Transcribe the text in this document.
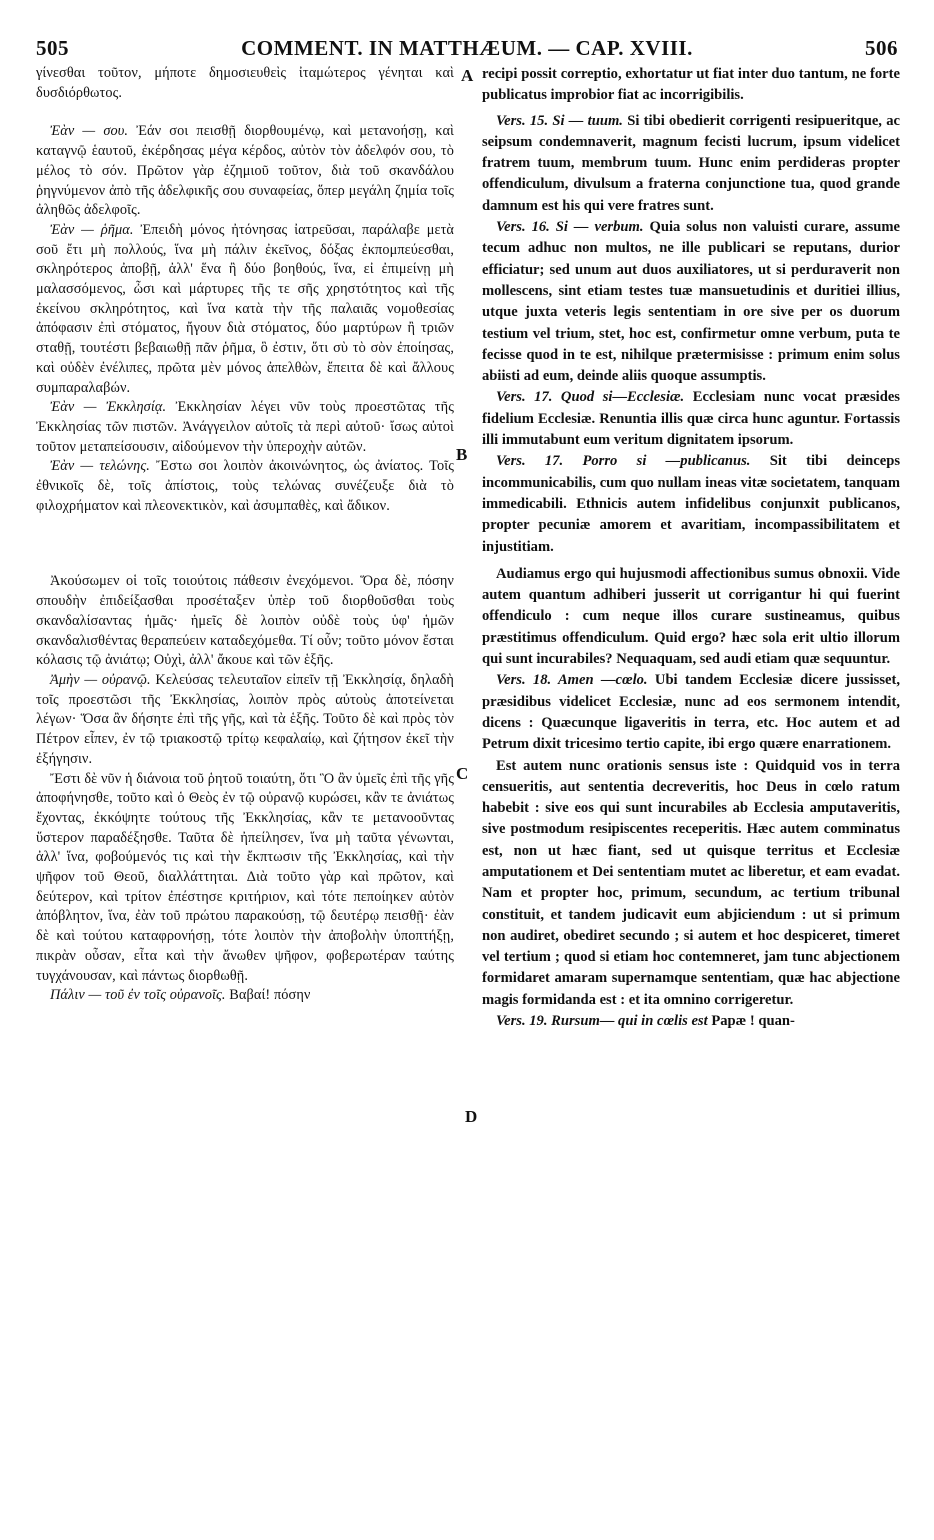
505	COMMENT. IN MATTHÆUM. — CAP. XVIII.	506
A
B
C
D

γίνεσθαι τοῦτον, μήποτε δημοσιευθεὶς ἰταμώτερος γένηται καὶ δυσδιόρθωτος.

Ἐὰν — σου. Ἐάν σοι πεισθῇ διορθουμένῳ, καὶ μετανοήσῃ, καὶ καταγνῷ ἑαυτοῦ, ἐκέρδησας μέγα κέρδος, αὐτὸν τὸν ἀδελφόν σου, τὸ μέλος τὸ σόν. Πρῶτον γὰρ ἐζημιοῦ τοῦτον, διὰ τοῦ σκανδάλου ῥηγνύμενον ἀπὸ τῆς ἀδελφικῆς σου συναφείας, ὅπερ μεγάλη ζημία τοῖς ἀληθῶς ἀδελφοῖς.

Ἐὰν — ῥῆμα. Ἐπειδὴ μόνος ἠτόνησας ἰατρεῦσαι, παράλαβε μετὰ σοῦ ἔτι μὴ πολλούς, ἵνα μὴ πάλιν ἐκεῖνος, δόξας ἐκπομπεύεσθαι, σκληρότερος ἀποβῇ, ἀλλ' ἕνα ἢ δύο βοηθούς, ἵνα, εἰ ἐπιμείνῃ μὴ μαλασσόμενος, ὦσι καὶ μάρτυρες τῆς τε σῆς χρηστότητος καὶ τῆς ἐκείνου σκληρότητος, καὶ ἵνα κατὰ τὴν τῆς παλαιᾶς νομοθεσίας ἀπόφασιν ἐπὶ στόματος, ἤγουν διὰ στόματος, δύο μαρτύρων ἢ τριῶν σταθῇ, τουτέστι βεβαιωθῇ πᾶν ῥῆμα, ὃ ἐστιν, ὅτι σὺ τὸ σὸν ἐποίησας, καὶ οὐδὲν ἐνέλιπες, πρῶτα μὲν μόνος ἀπελθὼν, ἔπειτα δὲ καὶ ἄλλους συμπαραλαβών.

Ἐὰν — Ἐκκλησίᾳ. Ἐκκλησίαν λέγει νῦν τοὺς προεστῶτας τῆς Ἐκκλησίας τῶν πιστῶν. Ἀνάγγειλον αὐτοῖς τὰ περὶ αὐτοῦ· ἴσως αὐτοὶ τοῦτον μεταπείσουσιν, αἰδούμενον τὴν ὑπεροχὴν αὐτῶν.

Ἐὰν — τελώνης. Ἔστω σοι λοιπὸν ἀκοινώνητος, ὡς ἀνίατος. Τοῖς ἐθνικοῖς δὲ, τοῖς ἀπίστοις, τοὺς τελώνας συνέζευξε διὰ τὸ φιλοχρήματον καὶ πλεονεκτικὸν, καὶ ἀσυμπαθὲς, καὶ ἄδικον.

Ἀκούσωμεν οἱ τοῖς τοιούτοις πάθεσιν ἐνεχόμενοι. Ὅρα δὲ, πόσην σπουδὴν ἐπιδείξασθαι προσέταξεν ὑπὲρ τοῦ διορθοῦσθαι τοὺς σκανδαλίσαντας ἡμᾶς· ἡμεῖς δὲ λοιπὸν οὐδὲ τοὺς ὑφ' ἡμῶν σκανδαλισθέντας θεραπεύειν καταδεχόμεθα. Τί οὖν; τοῦτο μόνον ἔσται κόλασις τῷ ἀνιάτῳ; Οὐχὶ, ἀλλ' ἄκουε καὶ τῶν ἑξῆς.

Ἀμὴν — οὐρανῷ. Κελεύσας τελευταῖον εἰπεῖν τῇ Ἐκκλησίᾳ, δηλαδὴ τοῖς προεστῶσι τῆς Ἐκκλησίας, λοιπὸν πρὸς αὐτοὺς ἀποτείνεται λέγων· Ὅσα ἂν δήσητε ἐπὶ τῆς γῆς, καὶ τὰ ἑξῆς. Τοῦτο δὲ καὶ πρὸς τὸν Πέτρον εἶπεν, ἐν τῷ τριακοστῷ τρίτῳ κεφαλαίῳ, καὶ ζήτησον ἐκεῖ τὴν ἐξήγησιν.

Ἔστι δὲ νῦν ἡ διάνοια τοῦ ῥητοῦ τοιαύτη, ὅτι Ὃ ἂν ὑμεῖς ἐπὶ τῆς γῆς ἀποφήνησθε, τοῦτο καὶ ὁ Θεὸς ἐν τῷ οὐρανῷ κυρώσει, κἂν τε ἀνιάτως ἔχοντας, ἐκκόψητε τούτους τῆς Ἐκκλησίας, κἂν τε μετανοοῦντας ὕστερον παραδέξησθε. Ταῦτα δὲ ἠπείλησεν, ἵνα μὴ ταῦτα γένωνται, ἀλλ' ἵνα, φοβούμενός τις καὶ τὴν ἔκπτωσιν τῆς Ἐκκλησίας, καὶ τὴν ψῆφον τοῦ Θεοῦ, διαλλάττηται. Διὰ τοῦτο γὰρ καὶ πρῶτον, καὶ δεύτερον, καὶ τρίτον ἐπέστησε κριτήριον, καὶ τότε πεποίηκεν αὐτὸν ἀπόβλητον, ἵνα, ἐὰν τοῦ πρώτου παρακούσῃ, τῷ δευτέρῳ πεισθῇ· ἐὰν δὲ καὶ τούτου καταφρονήσῃ, τότε λοιπὸν τὴν ἀποβολὴν ὑποπτήξῃ, πικρὰν οὖσαν, εἶτα καὶ τὴν ἄνωθεν ψῆφον, φοβερωτέραν ταύτης τυγχάνουσαν, καὶ πάντως διορθωθῇ.

Πάλιν — τοῦ ἐν τοῖς οὐρανοῖς. Βαβαί! πόσην

recipi possit correptio, exhortatur ut fiat inter duo tantum, ne forte publicatus improbior fiat ac incorrigibilis.

Vers. 15. Si — tuum. Si tibi obedierit corrigenti resipueritque, ac seipsum condemnaverit, magnum fecisti lucrum, ipsum videlicet fratrem tuum, membrum tuum. Hunc enim perdideras propter offendiculum, divulsum a fraterna conjunctione tua, quod grande damnum est his qui vere fratres sunt.

Vers. 16. Si — verbum. Quia solus non valuisti curare, assume tecum adhuc non multos, ne ille publicari se reputans, durior efficiatur; sed unum aut duos auxiliatores, ut si perduraverit non mollescens, sint etiam testes tuæ mansuetudinis et duritiei illius, utque juxta veteris legis sententiam in ore sive per os duorum testium vel trium, stet, hoc est, confirmetur omne verbum, puta te fecisse quod in te est, nihilque prætermisisse : primum enim solus abiisti ad eum, deinde aliis quoque assumptis.

Vers. 17. Quod si—Ecclesiæ. Ecclesiam nunc vocat præsides fidelium Ecclesiæ. Renuntia illis quæ circa hunc aguntur. Fortassis illi immutabunt eum veritum dignitatem ipsorum.

Vers. 17. Porro si —publicanus. Sit tibi deinceps incommunicabilis, cum quo nullam ineas vitæ societatem, tanquam immedicabili. Ethnicis autem infidelibus conjunxit publicanos, propter pecuniæ amorem et avaritiam, incompassibilitatem et injustitiam.

Audiamus ergo qui hujusmodi affectionibus sumus obnoxii. Vide autem quantum adhiberi jusserit ut corrigantur hi qui fuerint offendiculo : cum neque illos curare sustineamus, quibus præstitimus offendiculum. Quid ergo? hæc sola erit ultio illorum qui sunt incurabiles? Nequaquam, sed audi etiam quæ sequuntur.

Vers. 18. Amen —cœlo. Ubi tandem Ecclesiæ dicere jussisset, præsidibus videlicet Ecclesiæ, nunc ad eos sermonem intendit, dicens : Quæcunque ligaveritis in terra, etc. Hoc autem et ad Petrum dixit tricesimo tertio capite, ibi ergo quære enarrationem.

Est autem nunc orationis sensus iste : Quidquid vos in terra censueritis, aut sententia decreveritis, hoc Deus in cœlo ratum habebit : sive eos qui sunt incurabiles ab Ecclesia amputaveritis, sive postmodum resipiscentes receperitis. Hæc autem comminatus est, non ut hæc fiant, sed ut quisque territus et Ecclesiæ amputationem et Dei sententiam mutet ac liberetur, et eam evadat. Nam et propter hoc, primum, secundum, ac tertium tribunal constituit, et tandem judicavit eum abjiciendum : ut si primum non audiret, obediret secundo ; si autem et hoc despiceret, timeret vel tertium ; quod si etiam hoc contemneret, jam tunc abjectionem formidaret amaram supernamque sententiam, quæ hac abjectione magis formidanda est : et ita omnino corrigeretur.

Vers. 19. Rursum— qui in cœlis est Papæ ! quan-
